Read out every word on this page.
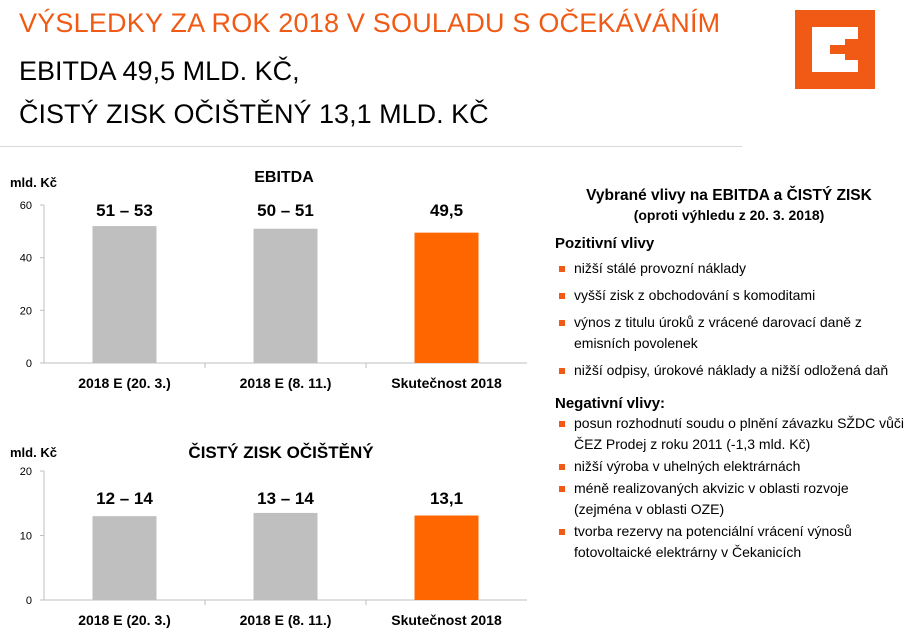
VÝSLEDKY ZA ROK 2018 V SOULADU S OČEKÁVÁNÍM
EBITDA 49,5 MLD. KČ,
ČISTÝ ZISK OČIŠTĚNÝ 13,1 MLD. KČ
EBITDA
mld. Kč
0
20
40
60	51 – 53
2018 E (20. 3.)
50 – 51
2018 E (8. 11.)
49,5
Skutečnost 2018
ČISTÝ ZISK OČIŠTĚNÝ
mld. Kč
0
10
20
12 – 14
2018 E (20. 3.)
13 – 14
2018 E (8. 11.)
13,1
Skutečnost 2018
Vybrané vlivy na EBITDA a ČISTÝ ZISK
(oproti výhledu z 20. 3. 2018)
Pozitivní vlivy
nižší stálé provozní náklady
vyšší zisk z obchodování s komoditami
výnos z titulu úroků z vrácené darovací daně z emisních povolenek
nižší odpisy, úrokové náklady a nižší odložená daň
Negativní vlivy:
posun rozhodnutí soudu o plnění závazku SŽDC vůči ČEZ Prodej z roku 2011 (-1,3 mld. Kč)
nižší výroba v uhelných elektrárnách
méně realizovaných akvizic v oblasti rozvoje (zejména v oblasti OZE)
tvorba rezervy na potenciální vrácení výnosů fotovoltaické elektrárny v Čekanicích
